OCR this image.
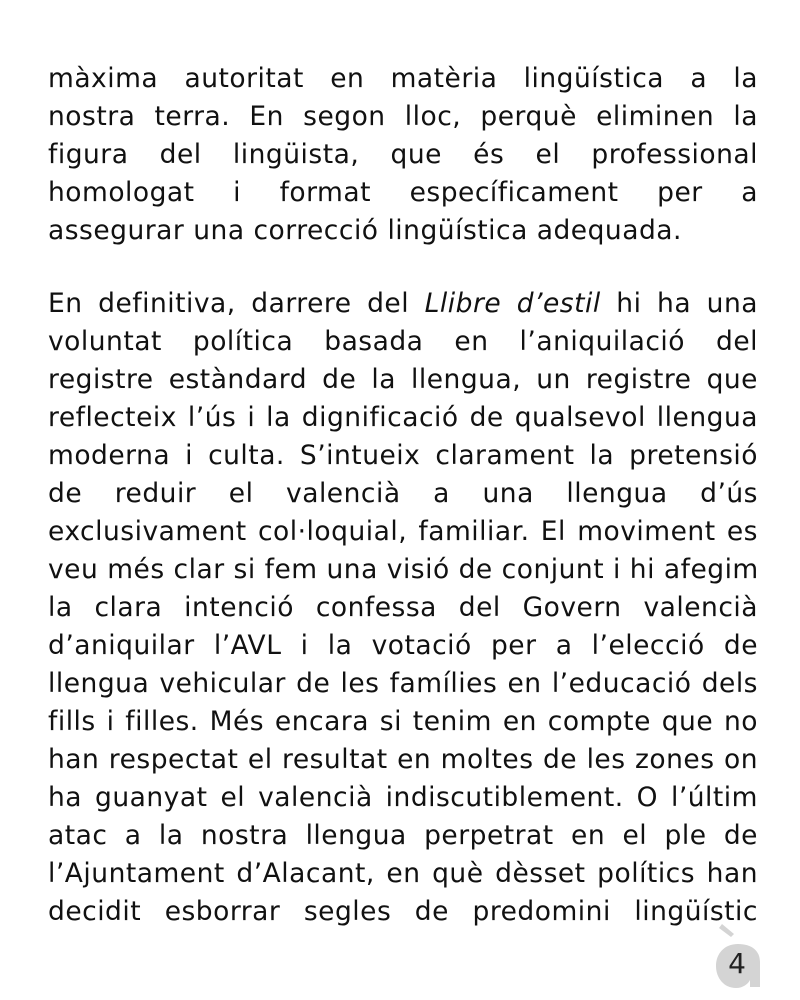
màxima autoritat en matèria lingüística a la
nostra terra. En segon lloc, perquè eliminen la
figura del lingüista, que és el professional
homologat i format específicament per a
assegurar una correcció lingüística adequada.
En definitiva, darrere del Llibre d’estil hi ha una
voluntat política basada en l’aniquilació del
registre estàndard de la llengua, un registre que
reflecteix l’ús i la dignificació de qualsevol llengua
moderna i culta. S’intueix clarament la pretensió
de reduir el valencià a una llengua d’ús
exclusivament col·loquial, familiar. El moviment es
veu més clar si fem una visió de conjunt i hi afegim
la clara intenció confessa del Govern valencià
d’aniquilar l’AVL i la votació per a l’elecció de
llengua vehicular de les famílies en l’educació dels
fills i filles. Més encara si tenim en compte que no
han respectat el resultat en moltes de les zones on
ha guanyat el valencià indiscutiblement. O l’últim
atac a la nostra llengua perpetrat en el ple de
l’Ajuntament d’Alacant, en què dèsset polítics han
decidit esborrar segles de predomini lingüístic
4
